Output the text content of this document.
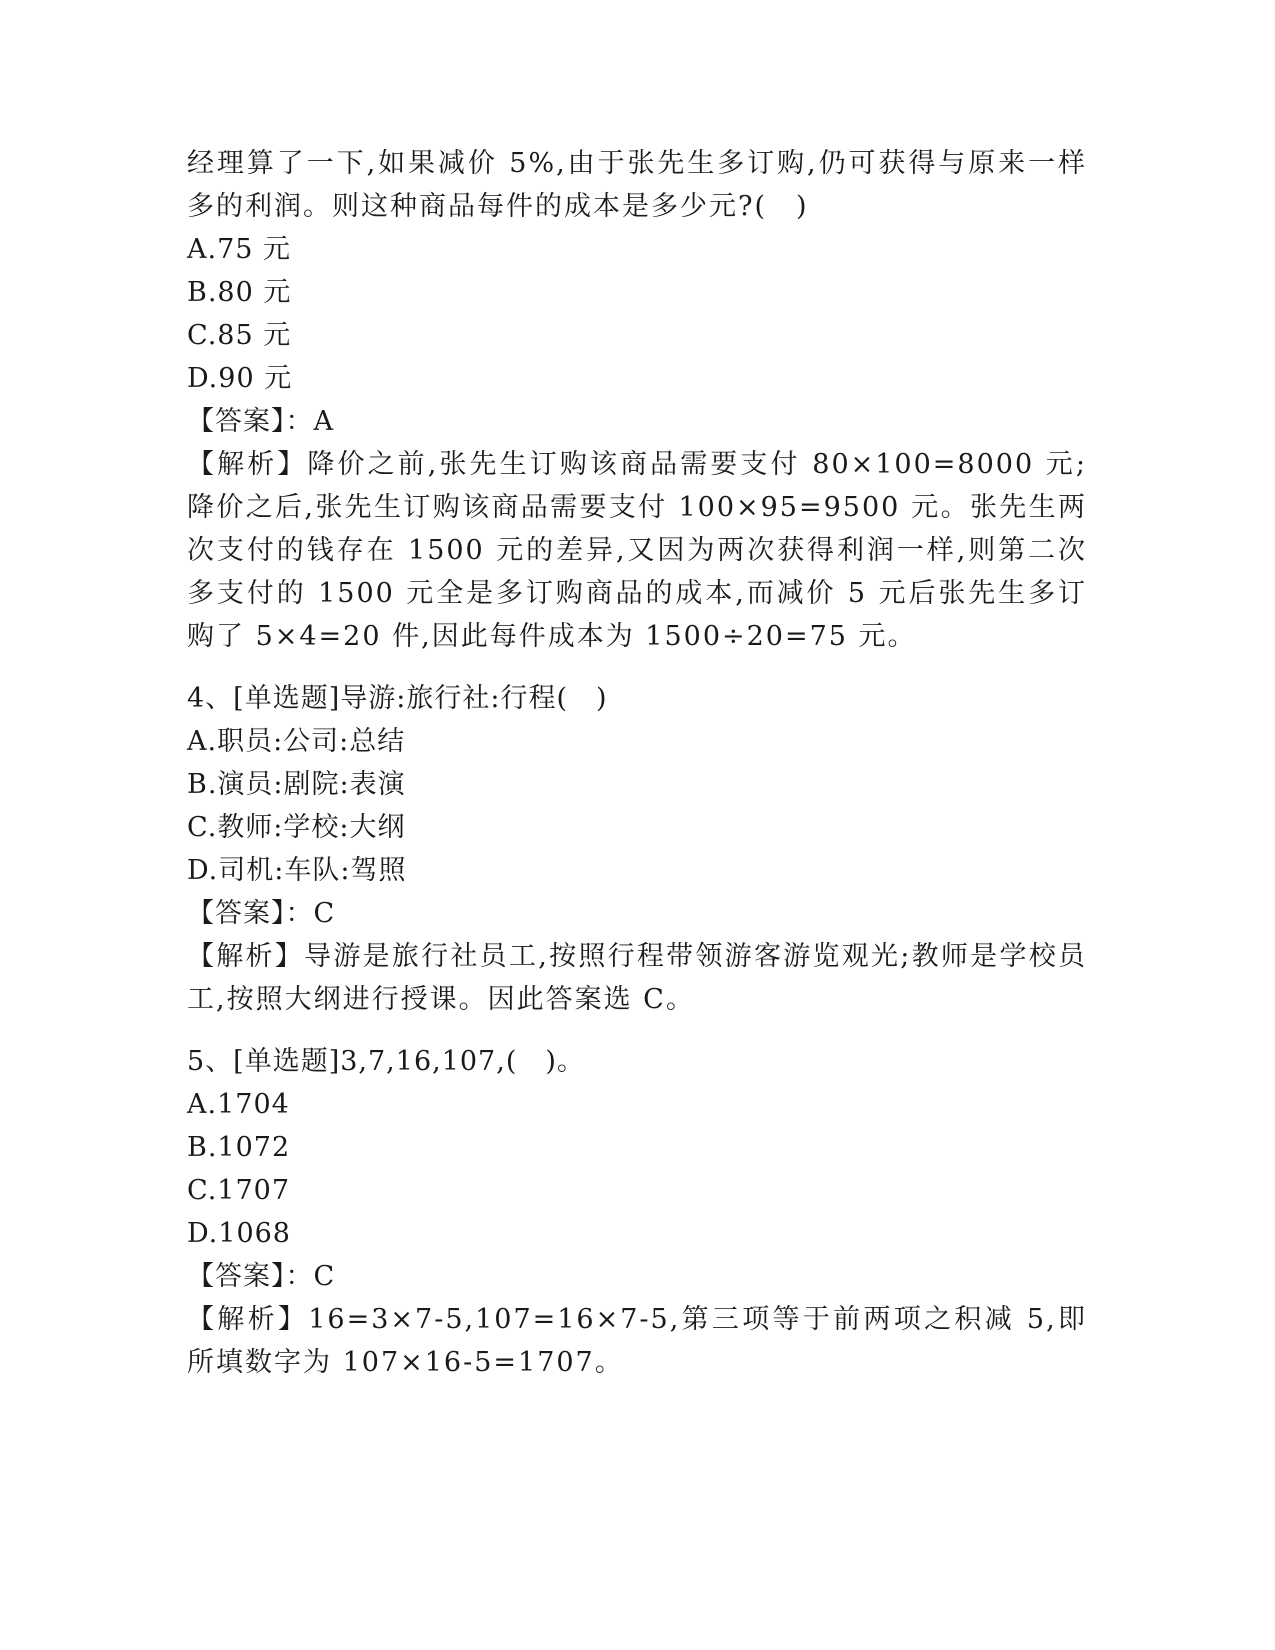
经理算了一下,如果减价 5%,由于张先生多订购,仍可获得与原来一样多的利润。则这种商品每件的成本是多少元?(　)
A.75 元
B.80 元
C.85 元
D.90 元
【答案】：A
【解析】降价之前,张先生订购该商品需要支付 80×100=8000 元;降价之后,张先生订购该商品需要支付 100×95=9500 元。张先生两次支付的钱存在 1500 元的差异,又因为两次获得利润一样,则第二次多支付的 1500 元全是多订购商品的成本,而减价 5 元后张先生多订购了 5×4=20 件,因此每件成本为 1500÷20=75 元。
4、[单选题]导游:旅行社:行程(　)
A.职员:公司:总结
B.演员:剧院:表演
C.教师:学校:大纲
D.司机:车队:驾照
【答案】：C
【解析】导游是旅行社员工,按照行程带领游客游览观光;教师是学校员工,按照大纲进行授课。因此答案选 C。
5、[单选题]3,7,16,107,(　)。
A.1704
B.1072
C.1707
D.1068
【答案】：C
【解析】16=3×7-5,107=16×7-5,第三项等于前两项之积减 5,即所填数字为 107×16-5=1707。
